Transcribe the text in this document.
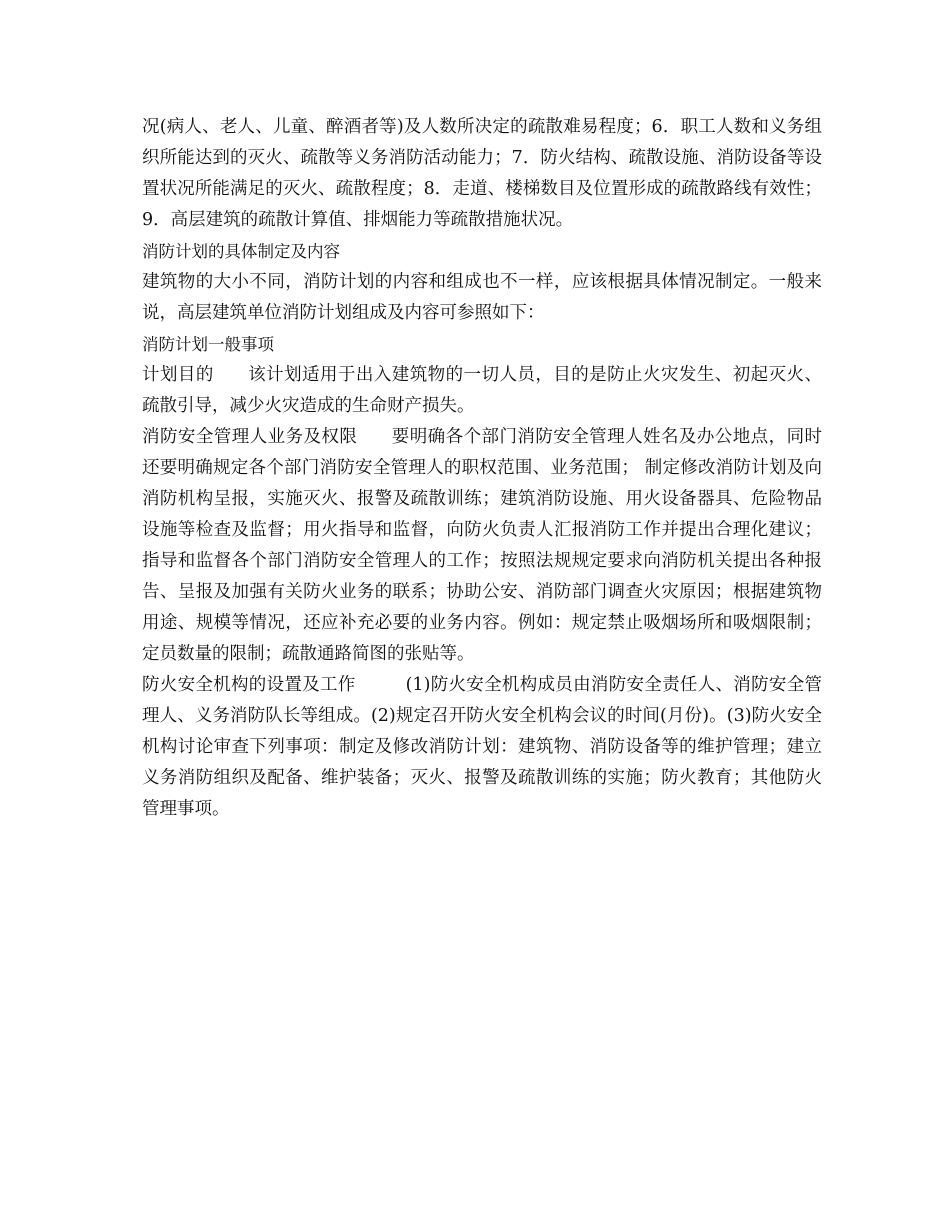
况(病人、老人、儿童、醉酒者等)及人数所决定的疏散难易程度；6．职工人数和义务组织所能达到的灭火、疏散等义务消防活动能力；7．防火结构、疏散设施、消防设备等设置状况所能满足的灭火、疏散程度；8．走道、楼梯数目及位置形成的疏散路线有效性；9．高层建筑的疏散计算值、排烟能力等疏散措施状况。

消防计划的具体制定及内容

建筑物的大小不同，消防计划的内容和组成也不一样，应该根据具体情况制定。一般来说，高层建筑单位消防计划组成及内容可参照如下：

消防计划一般事项

计划目的 该计划适用于出入建筑物的一切人员，目的是防止火灾发生、初起灭火、疏散引导，减少火灾造成的生命财产损失。

消防安全管理人业务及权限 要明确各个部门消防安全管理人姓名及办公地点，同时还要明确规定各个部门消防安全管理人的职权范围、业务范围； 制定修改消防计划及向消防机构呈报，实施灭火、报警及疏散训练；建筑消防设施、用火设备器具、危险物品设施等检查及监督；用火指导和监督，向防火负责人汇报消防工作并提出合理化建议；指导和监督各个部门消防安全管理人的工作；按照法规规定要求向消防机关提出各种报告、呈报及加强有关防火业务的联系；协助公安、消防部门调查火灾原因；根据建筑物用途、规模等情况，还应补充必要的业务内容。例如：规定禁止吸烟场所和吸烟限制；定员数量的限制；疏散通路简图的张贴等。

防火安全机构的设置及工作	(1)防火安全机构成员由消防安全责任人、消防安全管理人、义务消防队长等组成。(2)规定召开防火安全机构会议的时间(月份)。(3)防火安全机构讨论审查下列事项：制定及修改消防计划：建筑物、消防设备等的维护管理；建立义务消防组织及配备、维护装备；灭火、报警及疏散训练的实施；防火教育；其他防火管理事项。
